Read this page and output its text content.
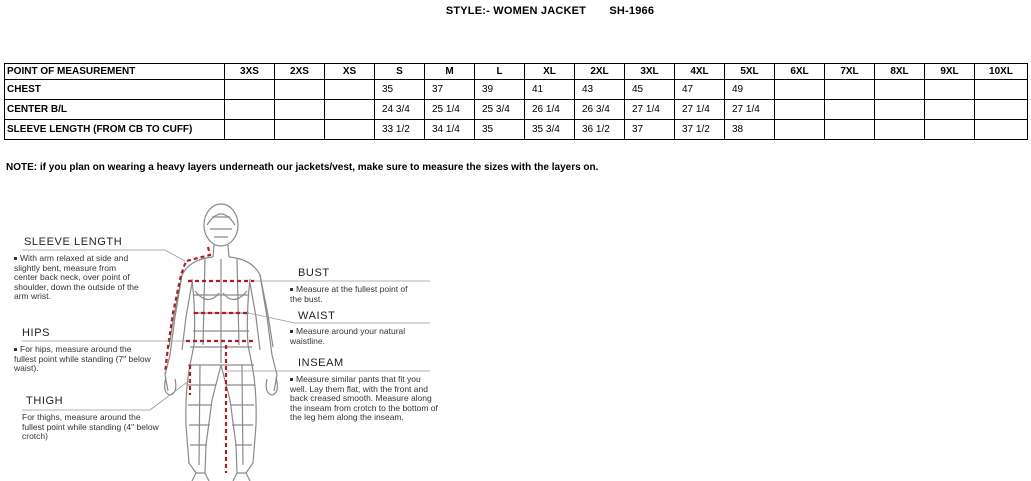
STYLE:- WOMEN JACKET SH-1966
POINT OF MEASUREMENT	3XS	2XS	XS	S	M	L	XL	2XL	3XL	4XL	5XL	6XL	7XL	8XL	9XL	10XL
CHEST				35	37	39	41	43	45	47	49					
CENTER B/L				24 3/4	25 1/4	25 3/4	26 1/4	26 3/4	27 1/4	27 1/4	27 1/4					
SLEEVE LENGTH (FROM CB TO CUFF)				33 1/2	34 1/4	35	35 3/4	36 1/2	37	37 1/2	38					
NOTE: if you plan on wearing a heavy layers underneath our jackets/vest, make sure to measure the sizes with the layers on.
SLEEVE LENGTH
With arm relaxed at side and slightly bent, measure from center back neck, over point of shoulder, down the outside of the arm wrist.
HIPS
For hips, measure around the fullest point while standing (7" below waist).
THIGH
For thighs, measure around the fullest point while standing (4" below crotch)
BUST
Measure at the fullest point of the bust.
WAIST
Measure around your natural waistline.
INSEAM
Measure similar pants that fit you well. Lay them flat, with the front and back creased smooth. Measure along the inseam from crotch to the bottom of the leg hem along the inseam.
